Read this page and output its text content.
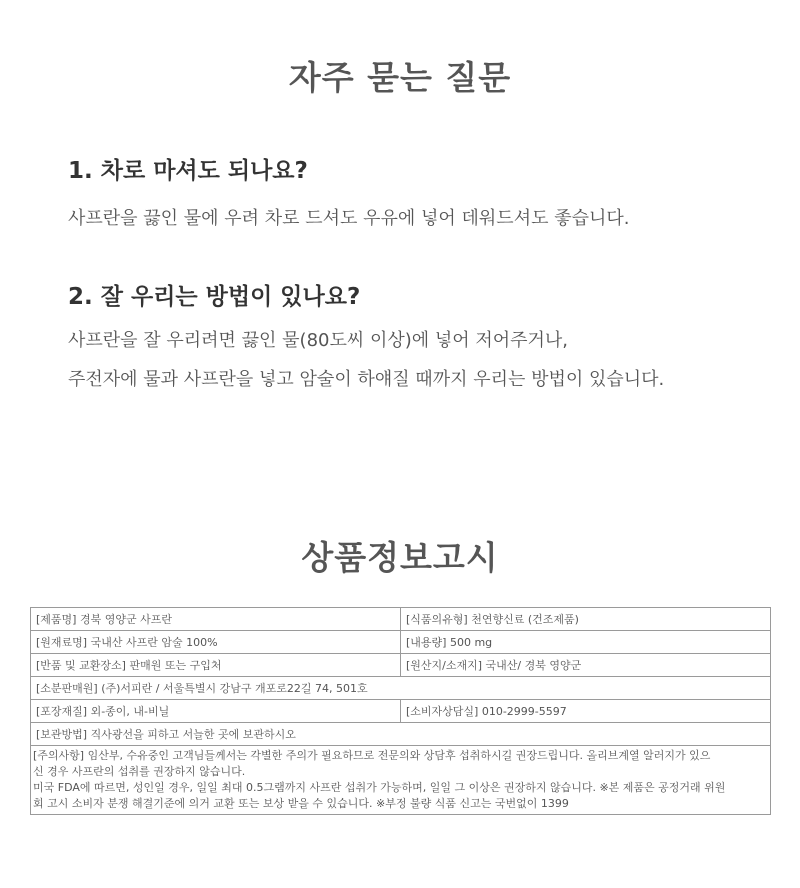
자주 묻는 질문
1. 차로 마셔도 되나요?
사프란을 끓인 물에 우려 차로 드셔도 우유에 넣어 데워드셔도 좋습니다.
2. 잘 우리는 방법이 있나요?
사프란을 잘 우리려면 끓인 물(80도씨 이상)에 넣어 저어주거나,
주전자에 물과 사프란을 넣고 암술이 하얘질 때까지 우리는 방법이 있습니다.
상품정보고시
[제품명] 경북 영양군 사프란	[식품의유형] 천연향신료 (건조제품)
[원재료명] 국내산 사프란 암술 100%	[내용량] 500 mg
[반품 및 교환장소] 판매원 또는 구입처	[원산지/소재지] 국내산/ 경북 영양군
[소분판매원] (주)서피란 / 서울특별시 강남구 개포로22길 74, 501호	
[포장재질] 외-종이, 내-비닐	[소비자상담실] 010-2999-5597
[보관방법] 직사광선을 피하고 서늘한 곳에 보관하시오	

[주의사항] 임산부, 수유중인 고객님들께서는 각별한 주의가 필요하므로 전문의와 상담후 섭취하시길 권장드립니다. 올리브계열 알러지가 있으
신 경우 사프란의 섭취를 권장하지 않습니다.
미국 FDA에 따르면, 성인일 경우, 일일 최대 0.5그램까지 사프란 섭취가 가능하며, 일일 그 이상은 권장하지 않습니다. ※본 제품은 공정거래 위원
회 고시 소비자 분쟁 해결기준에 의거 교환 또는 보상 받을 수 있습니다. ※부정 불량 식품 신고는 국번없이 1399	
